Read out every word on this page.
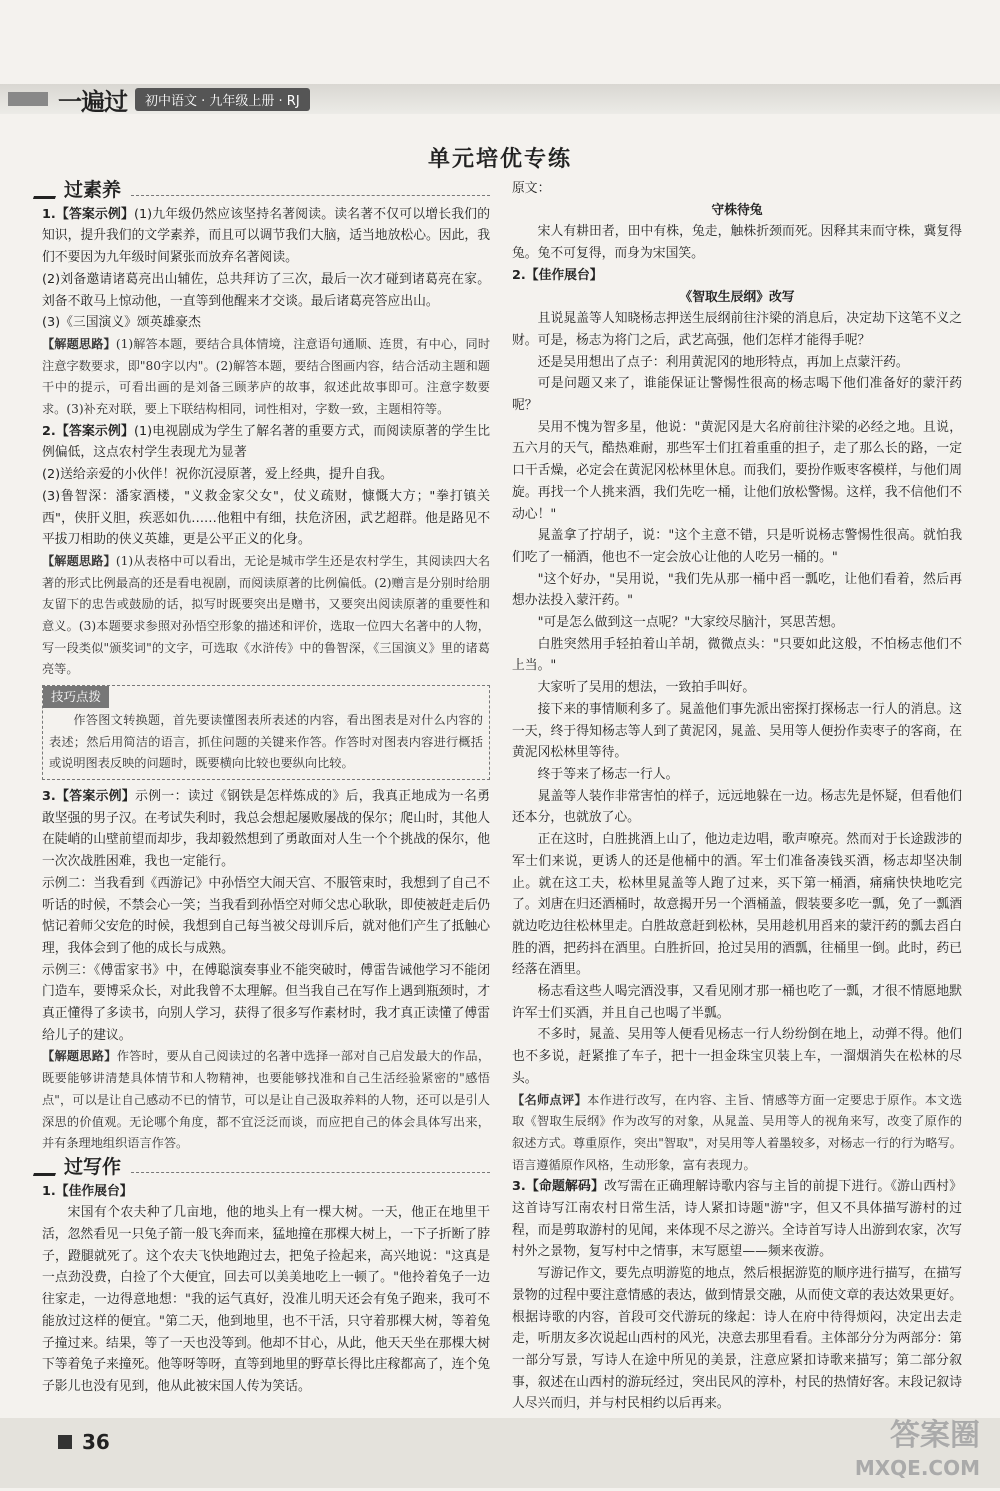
一遍过	初中语文 · 九年级上册 · RJ
单元培优专练
过素养

1.【答案示例】(1)九年级仍然应该坚持名著阅读。读名著不仅可以增长我们的知识，提升我们的文学素养，而且可以调节我们大脑，适当地放松心。因此，我们不要因为九年级时间紧张而放弃名著阅读。

(2)刘备邀请诸葛亮出山辅佐，总共拜访了三次，最后一次才碰到诸葛亮在家。刘备不敢马上惊动他，一直等到他醒来才交谈。最后诸葛亮答应出山。

(3)《三国演义》颂英雄豪杰

【解题思路】(1)解答本题，要结合具体情境，注意语句通顺、连贯，有中心，同时注意字数要求，即"80字以内"。(2)解答本题，要结合图画内容，结合活动主题和题干中的提示，可看出画的是刘备三顾茅庐的故事，叙述此故事即可。注意字数要求。(3)补充对联，要上下联结构相同，词性相对，字数一致，主题相符等。

2.【答案示例】(1)电视剧成为学生了解名著的重要方式，而阅读原著的学生比例偏低，这点农村学生表现尤为显著

(2)送给亲爱的小伙伴！祝你沉浸原著，爱上经典，提升自我。

(3)鲁智深：潘家酒楼，"义救金家父女"，仗义疏财，慷慨大方；"拳打镇关西"，侠肝义胆，疾恶如仇……他粗中有细，扶危济困，武艺超群。他是路见不平拔刀相助的侠义英雄，更是公平正义的化身。

【解题思路】(1)从表格中可以看出，无论是城市学生还是农村学生，其阅读四大名著的形式比例最高的还是看电视剧，而阅读原著的比例偏低。(2)赠言是分别时给朋友留下的忠告或鼓励的话，拟写时既要突出是赠书，又要突出阅读原著的重要性和意义。(3)本题要求参照对孙悟空形象的描述和评价，选取一位四大名著中的人物，写一段类似"颁奖词"的文字，可选取《水浒传》中的鲁智深，《三国演义》里的诸葛亮等。

技巧点拨

作答图文转换题，首先要读懂图表所表述的内容，看出图表是对什么内容的表述；然后用简洁的语言，抓住问题的关键来作答。作答时对图表内容进行概括或说明图表反映的问题时，既要横向比较也要纵向比较。

3.【答案示例】示例一：读过《钢铁是怎样炼成的》后，我真正地成为一名勇敢坚强的男子汉。在考试失利时，我总会想起屡败屡战的保尔；爬山时，其他人在陡峭的山壁前望而却步，我却毅然想到了勇敢面对人生一个个挑战的保尔，他一次次战胜困难，我也一定能行。

示例二：当我看到《西游记》中孙悟空大闹天宫、不服管束时，我想到了自己不听话的时候，不禁会心一笑；当我看到孙悟空对师父忠心耿耿，即使被赶走后仍惦记着师父安危的时候，我想到自己每当被父母训斥后，就对他们产生了抵触心理，我体会到了他的成长与成熟。

示例三：《傅雷家书》中，在傅聪演奏事业不能突破时，傅雷告诫他学习不能闭门造车，要博采众长，对此我曾不太理解。但当我自己在写作上遇到瓶颈时，才真正懂得了多读书，向别人学习，获得了很多写作素材时，我才真正读懂了傅雷给儿子的建议。

【解题思路】作答时，要从自己阅读过的名著中选择一部对自己启发最大的作品，既要能够讲清楚具体情节和人物精神，也要能够找准和自己生活经验紧密的"感悟点"，可以是让自己感动不已的情节，可以是让自己汲取养料的人物，还可以是引人深思的价值观。无论哪个角度，都不宜泛泛而谈，而应把自己的体会具体写出来，并有条理地组织语言作答。

过写作

1.【佳作展台】

宋国有个农夫种了几亩地，他的地头上有一棵大树。一天，他正在地里干活，忽然看见一只兔子箭一般飞奔而来，猛地撞在那棵大树上，一下子折断了脖子，蹬腿就死了。这个农夫飞快地跑过去，把兔子捡起来，高兴地说："这真是一点劲没费，白捡了个大便宜，回去可以美美地吃上一顿了。"他拎着兔子一边往家走，一边得意地想："我的运气真好，没准儿明天还会有兔子跑来，我可不能放过这样的便宜。"第二天，他到地里，也不干活，只守着那棵大树，等着兔子撞过来。结果，等了一天也没等到。他却不甘心，从此，他天天坐在那棵大树下等着兔子来撞死。他等呀等呀，直等到地里的野草长得比庄稼都高了，连个兔子影儿也没有见到，他从此被宋国人传为笑话。

原文：

守株待兔

宋人有耕田者，田中有株，兔走，触株折颈而死。因释其耒而守株，冀复得兔。兔不可复得，而身为宋国笑。

2.【佳作展台】

《智取生辰纲》改写

且说晁盖等人知晓杨志押送生辰纲前往汴梁的消息后，决定劫下这笔不义之财。可是，杨志为将门之后，武艺高强，他们怎样才能得手呢？

还是吴用想出了点子：利用黄泥冈的地形特点，再加上点蒙汗药。

可是问题又来了，谁能保证让警惕性很高的杨志喝下他们准备好的蒙汗药呢？

吴用不愧为智多星，他说："黄泥冈是大名府前往汴梁的必经之地。且说，五六月的天气，酷热难耐，那些军士们扛着重重的担子，走了那么长的路，一定口干舌燥，必定会在黄泥冈松林里休息。而我们，要扮作贩枣客模样，与他们周旋。再找一个人挑来酒，我们先吃一桶，让他们放松警惕。这样，我不信他们不动心！"

晁盖拿了拧胡子，说："这个主意不错，只是听说杨志警惕性很高。就怕我们吃了一桶酒，他也不一定会放心让他的人吃另一桶的。"

"这个好办，"吴用说，"我们先从那一桶中舀一瓢吃，让他们看着，然后再想办法投入蒙汗药。"

"可是怎么做到这一点呢？"大家绞尽脑汁，冥思苦想。

白胜突然用手轻拍着山羊胡，微微点头："只要如此这般，不怕杨志他们不上当。"

大家听了吴用的想法，一致拍手叫好。

接下来的事情顺利多了。晁盖他们事先派出密探打探杨志一行人的消息。这一天，终于得知杨志等人到了黄泥冈，晁盖、吴用等人便扮作卖枣子的客商，在黄泥冈松林里等待。

终于等来了杨志一行人。

晁盖等人装作非常害怕的样子，远远地躲在一边。杨志先是怀疑，但看他们还本分，也就放了心。

正在这时，白胜挑酒上山了，他边走边唱，歌声嘹亮。然而对于长途跋涉的军士们来说，更诱人的还是他桶中的酒。军士们准备凑钱买酒，杨志却坚决制止。就在这工夫，松林里晁盖等人跑了过来，买下第一桶酒，痛痛快快地吃完了。刘唐在归还酒桶时，故意揭开另一个酒桶盖，假装要多吃一瓢，免了一瓢酒就边吃边往松林里走。白胜故意赶到松林，吴用趁机用舀来的蒙汗药的瓢去舀白胜的酒，把药抖在酒里。白胜折回，抢过吴用的酒瓢，往桶里一倒。此时，药已经落在酒里。

杨志看这些人喝完酒没事，又看见刚才那一桶也吃了一瓢，才很不情愿地默许军士们买酒，并且自己也喝了半瓢。

不多时，晁盖、吴用等人便看见杨志一行人纷纷倒在地上，动弹不得。他们也不多说，赶紧推了车子，把十一担金珠宝贝装上车，一溜烟消失在松林的尽头。

【名师点评】本作进行改写，在内容、主旨、情感等方面一定要忠于原作。本文选取《智取生辰纲》作为改写的对象，从晁盖、吴用等人的视角来写，改变了原作的叙述方式。尊重原作，突出"智取"，对吴用等人着墨较多，对杨志一行的行为略写。语言遵循原作风格，生动形象，富有表现力。

3.【命题解码】改写需在正确理解诗歌内容与主旨的前提下进行。《游山西村》这首诗写江南农村日常生活，诗人紧扣诗题"游"字，但又不具体描写游村的过程，而是剪取游村的见闻，来体现不尽之游兴。全诗首写诗人出游到农家，次写村外之景物，复写村中之情事，末写愿望——频来夜游。

写游记作文，要先点明游览的地点，然后根据游览的顺序进行描写，在描写景物的过程中要注意情感的表达，做到情景交融，从而使文章的表达效果更好。根据诗歌的内容，首段可交代游玩的缘起：诗人在府中待得烦闷，决定出去走走，听朋友多次说起山西村的风光，决意去那里看看。主体部分分为两部分：第一部分写景，写诗人在途中所见的美景，注意应紧扣诗歌来描写；第二部分叙事，叙述在山西村的游玩经过，突出民风的淳朴，村民的热情好客。末段记叙诗人尽兴而归，并与村民相约以后再来。

36	答案圈
MXQE.COM
